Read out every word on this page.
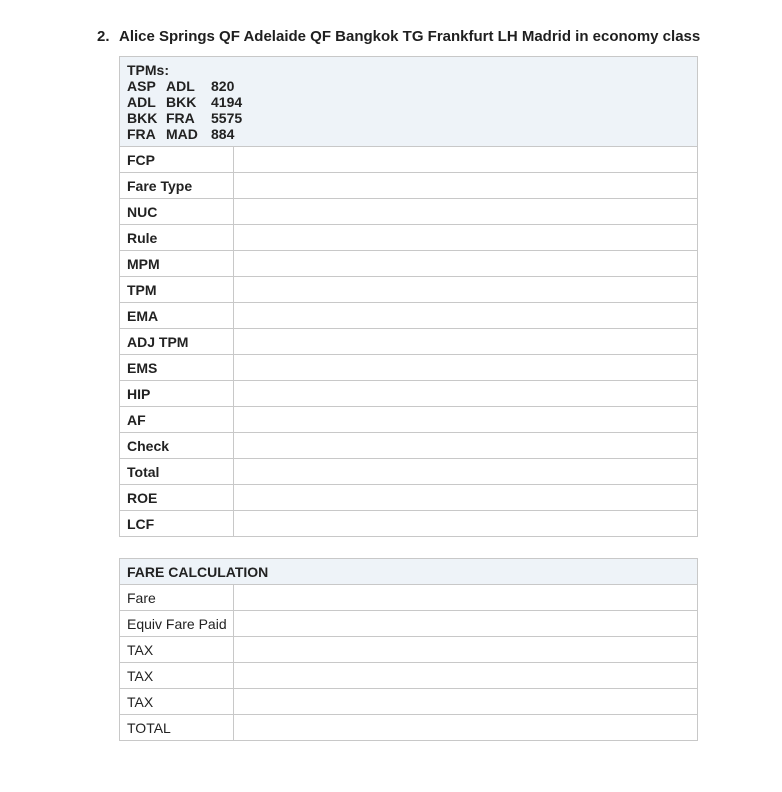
2. Alice Springs QF Adelaide QF Bangkok TG Frankfurt LH Madrid in economy class
TPMs:
ASP ADL 820
ADL BKK 4194
BKK FRA 5575
FRA MAD 884	

FCP	
Fare Type	
NUC	
Rule	
MPM	
TPM	
EMA	
ADJ TPM	
EMS	
HIP	
AF	
Check	
Total	
ROE	
LCF	
FARE CALCULATION	
Fare	
Equiv Fare Paid	
TAX	
TAX	
TAX	
TOTAL	
